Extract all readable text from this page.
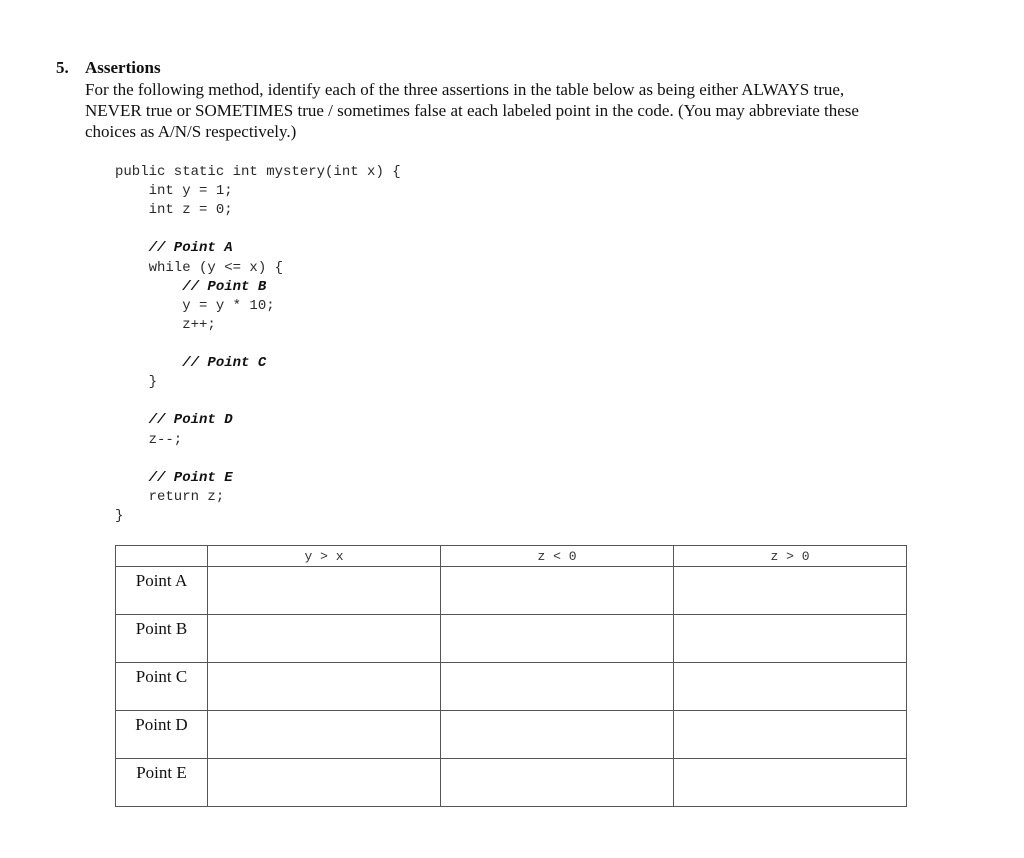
5. Assertions
For the following method, identify each of the three assertions in the table below as being either ALWAYS true,
NEVER true or SOMETIMES true / sometimes false at each labeled point in the code. (You may abbreviate these
choices as A/N/S respectively.)
public static int mystery(int x) {
int y = 1;
int z = 0;
// Point A
while (y <= x) {
// Point B
y = y * 10;
z++;
// Point C
}
// Point D
z--;
// Point E
return z;
}
	y > x	z < 0	z > 0
Point A			
Point B			
Point C			
Point D			
Point E			
